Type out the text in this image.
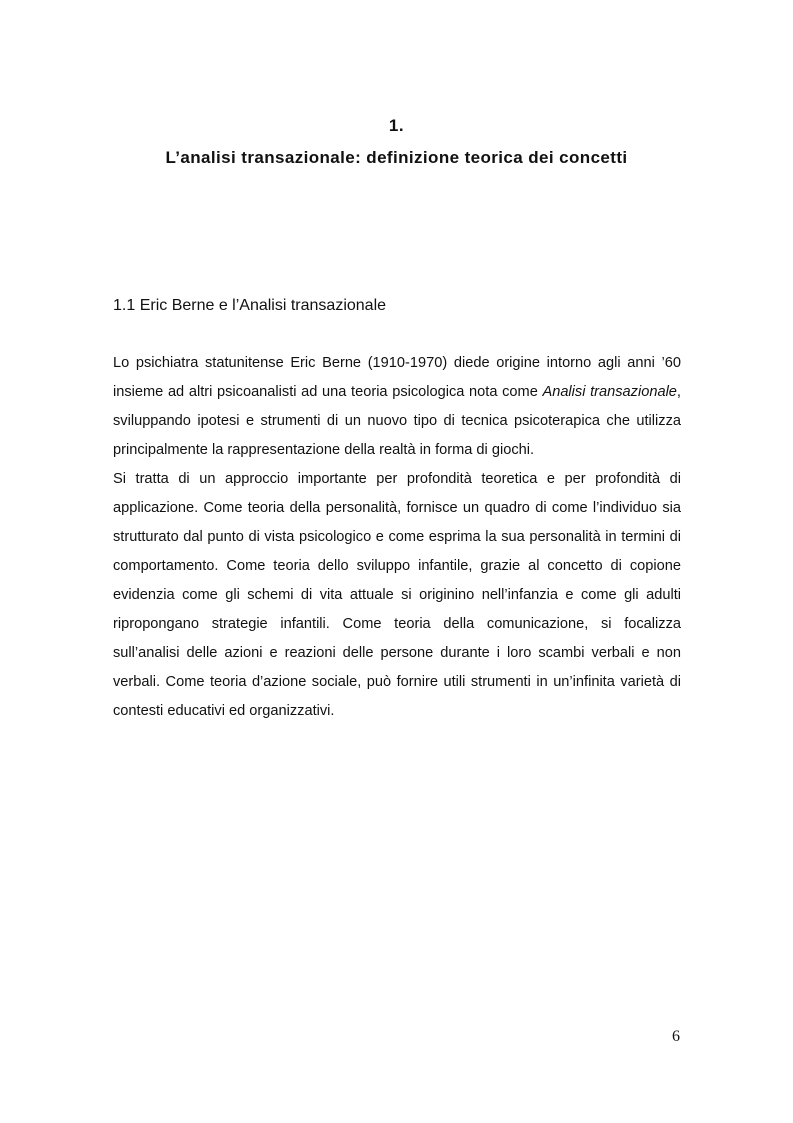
1.
L’analisi transazionale: definizione teorica dei concetti
1.1 Eric Berne e l’Analisi transazionale

Lo psichiatra statunitense Eric Berne (1910-1970) diede origine intorno agli anni ’60 insieme ad altri psicoanalisti ad una teoria psicologica nota come Analisi transazionale, sviluppando ipotesi e strumenti di un nuovo tipo di tecnica psicoterapica che utilizza principalmente la rappresentazione della realtà in forma di giochi.

Si tratta di un approccio importante per profondità teoretica e per profondità di applicazione. Come teoria della personalità, fornisce un quadro di come l’individuo sia strutturato dal punto di vista psicologico e come esprima la sua personalità in termini di comportamento. Come teoria dello sviluppo infantile, grazie al concetto di copione evidenzia come gli schemi di vita attuale si originino nell’infanzia e come gli adulti ripropongano strategie infantili. Come teoria della comunicazione, si focalizza sull’analisi delle azioni e reazioni delle persone durante i loro scambi verbali e non verbali. Come teoria d’azione sociale, può fornire utili strumenti in un’infinita varietà di contesti educativi ed organizzativi.

6
